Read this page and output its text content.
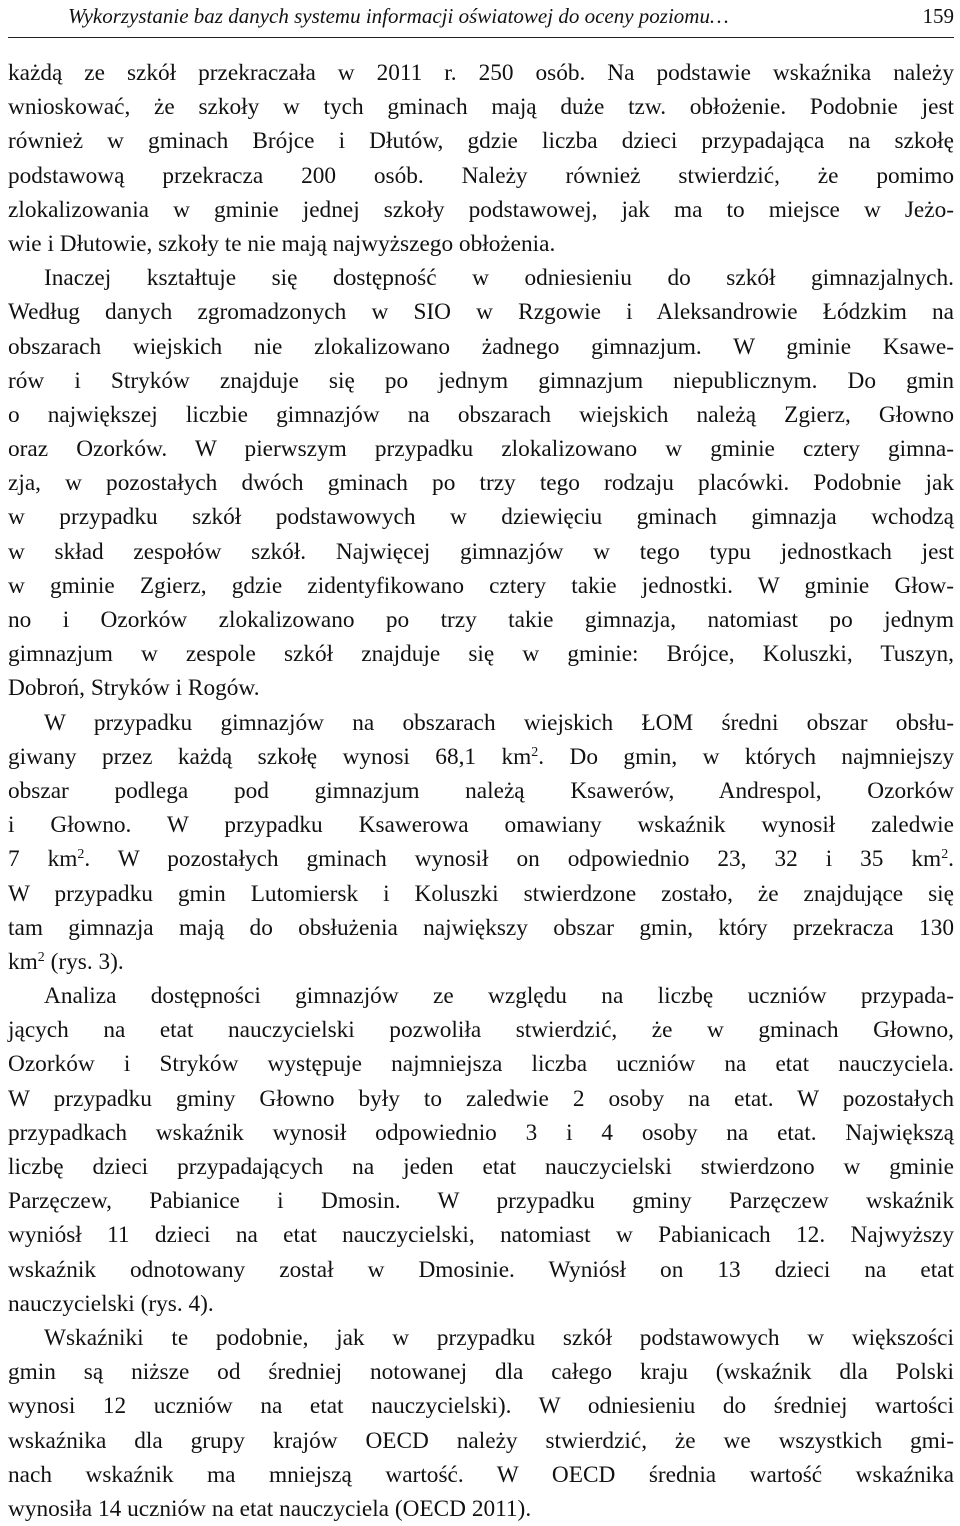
Wykorzystanie baz danych systemu informacji oświatowej do oceny poziomu…	159
każdą ze szkół przekraczała w 2011 r. 250 osób. Na podstawie wskaźnika należy
wnioskować, że szkoły w tych gminach mają duże tzw. obłożenie. Podobnie jest
również w gminach Brójce i Dłutów, gdzie liczba dzieci przypadająca na szkołę
podstawową przekracza 200 osób. Należy również stwierdzić, że pomimo
zlokalizowania w gminie jednej szkoły podstawowej, jak ma to miejsce w Jeżo-
wie i Dłutowie, szkoły te nie mają najwyższego obłożenia.
Inaczej kształtuje się dostępność w odniesieniu do szkół gimnazjalnych.
Według danych zgromadzonych w SIO w Rzgowie i Aleksandrowie Łódzkim na
obszarach wiejskich nie zlokalizowano żadnego gimnazjum. W gminie Ksawe-
rów i Stryków znajduje się po jednym gimnazjum niepublicznym. Do gmin
o największej liczbie gimnazjów na obszarach wiejskich należą Zgierz, Głowno
oraz Ozorków. W pierwszym przypadku zlokalizowano w gminie cztery gimna-
zja, w pozostałych dwóch gminach po trzy tego rodzaju placówki. Podobnie jak
w przypadku szkół podstawowych w dziewięciu gminach gimnazja wchodzą
w skład zespołów szkół. Najwięcej gimnazjów w tego typu jednostkach jest
w gminie Zgierz, gdzie zidentyfikowano cztery takie jednostki. W gminie Głow-
no i Ozorków zlokalizowano po trzy takie gimnazja, natomiast po jednym
gimnazjum w zespole szkół znajduje się w gminie: Brójce, Koluszki, Tuszyn,
Dobroń, Stryków i Rogów.
W przypadku gimnazjów na obszarach wiejskich ŁOM średni obszar obsłu-
giwany przez każdą szkołę wynosi 68,1 $km^2$. Do gmin, w których najmniejszy
obszar podlega pod gimnazjum należą Ksawerów, Andrespol, Ozorków
i Głowno. W przypadku Ksawerowa omawiany wskaźnik wynosił zaledwie
7 $km^2$. W pozostałych gminach wynosił on odpowiednio 23, 32 i 35 $km^2$.
W przypadku gmin Lutomiersk i Koluszki stwierdzone zostało, że znajdujące się
tam gimnazja mają do obsłużenia największy obszar gmin, który przekracza 130
$km^2$ (rys. 3).
Analiza dostępności gimnazjów ze względu na liczbę uczniów przypada-
jących na etat nauczycielski pozwoliła stwierdzić, że w gminach Głowno,
Ozorków i Stryków występuje najmniejsza liczba uczniów na etat nauczyciela.
W przypadku gminy Głowno były to zaledwie 2 osoby na etat. W pozostałych
przypadkach wskaźnik wynosił odpowiednio 3 i 4 osoby na etat. Największą
liczbę dzieci przypadających na jeden etat nauczycielski stwierdzono w gminie
Parzęczew, Pabianice i Dmosin. W przypadku gminy Parzęczew wskaźnik
wyniósł 11 dzieci na etat nauczycielski, natomiast w Pabianicach 12. Najwyższy
wskaźnik odnotowany został w Dmosinie. Wyniósł on 13 dzieci na etat
nauczycielski (rys. 4).
Wskaźniki te podobnie, jak w przypadku szkół podstawowych w większości
gmin są niższe od średniej notowanej dla całego kraju (wskaźnik dla Polski
wynosi 12 uczniów na etat nauczycielski). W odniesieniu do średniej wartości
wskaźnika dla grupy krajów OECD należy stwierdzić, że we wszystkich gmi-
nach wskaźnik ma mniejszą wartość. W OECD średnia wartość wskaźnika
wynosiła 14 uczniów na etat nauczyciela (OECD 2011).
